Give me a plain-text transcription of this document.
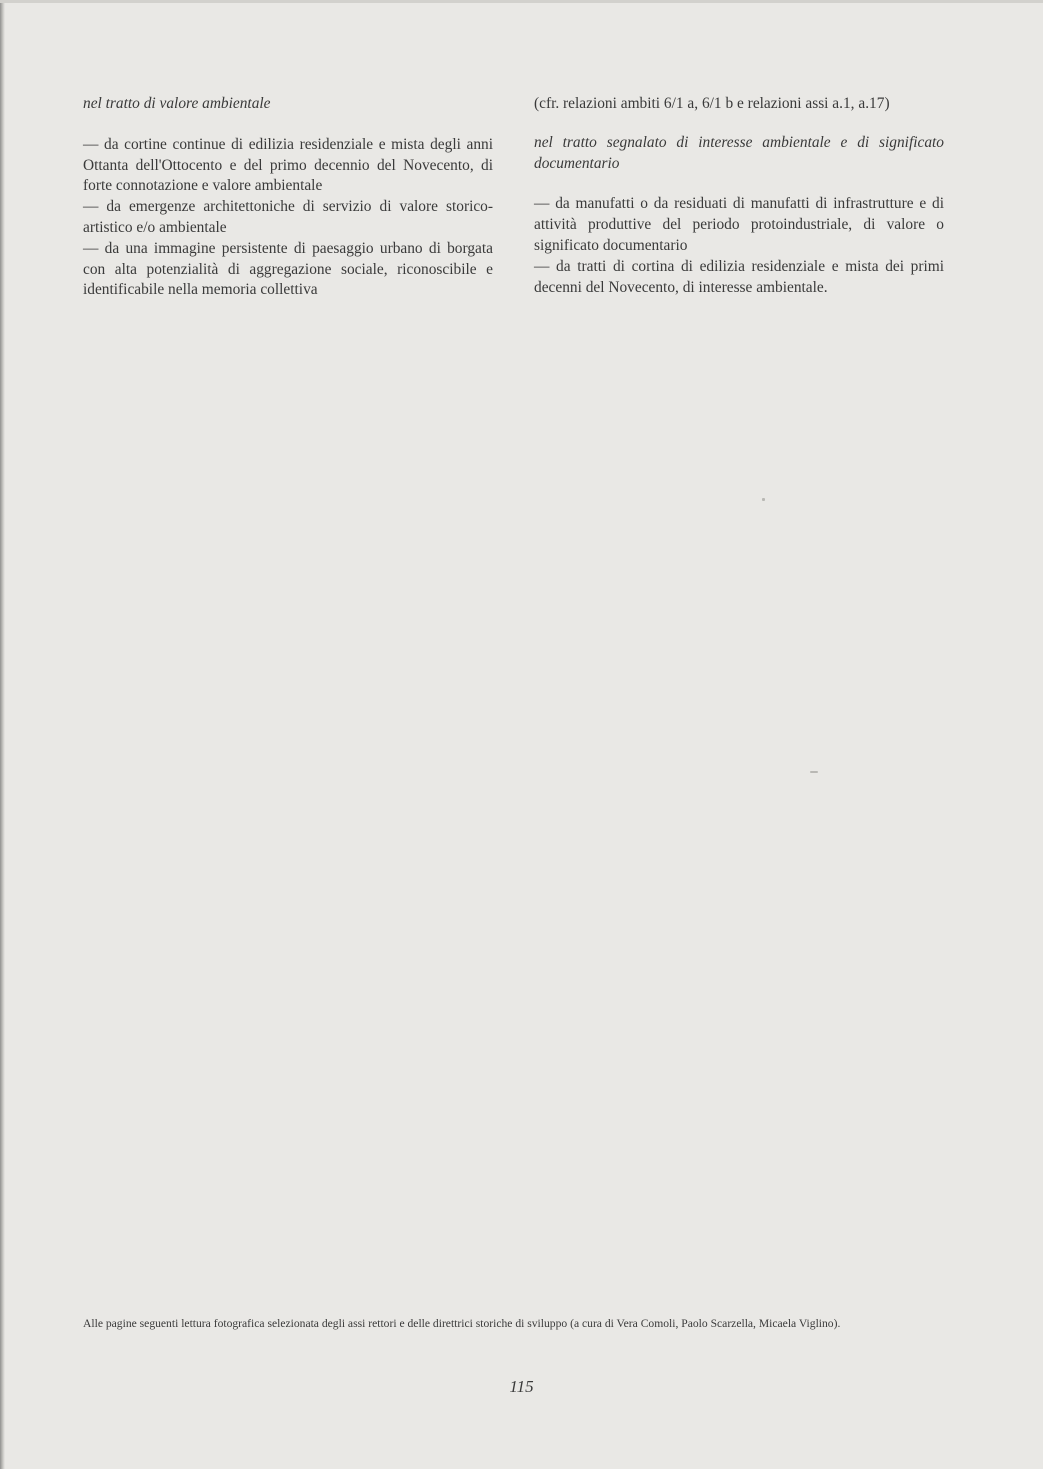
nel tratto di valore ambientale

— da cortine continue di edilizia residenziale e mista degli anni Ottanta dell'Ottocento e del primo decennio del Novecento, di forte connotazione e valore ambientale

— da emergenze architettoniche di servizio di valore storico-artistico e/o ambientale

— da una immagine persistente di paesaggio urbano di borgata con alta potenzialità di aggregazione sociale, riconoscibile e identificabile nella memoria collettiva

(cfr. relazioni ambiti 6/1 a, 6/1 b e relazioni assi a.1, a.17)

nel tratto segnalato di interesse ambientale e di significato documentario

— da manufatti o da residuati di manufatti di infrastrutture e di attività produttive del periodo protoindustriale, di valore o significato documentario

— da tratti di cortina di edilizia residenziale e mista dei primi decenni del Novecento, di interesse ambientale.

Alle pagine seguenti lettura fotografica selezionata degli assi rettori e delle direttrici storiche di sviluppo (a cura di Vera Comoli, Paolo Scarzella, Micaela Viglino).

115
